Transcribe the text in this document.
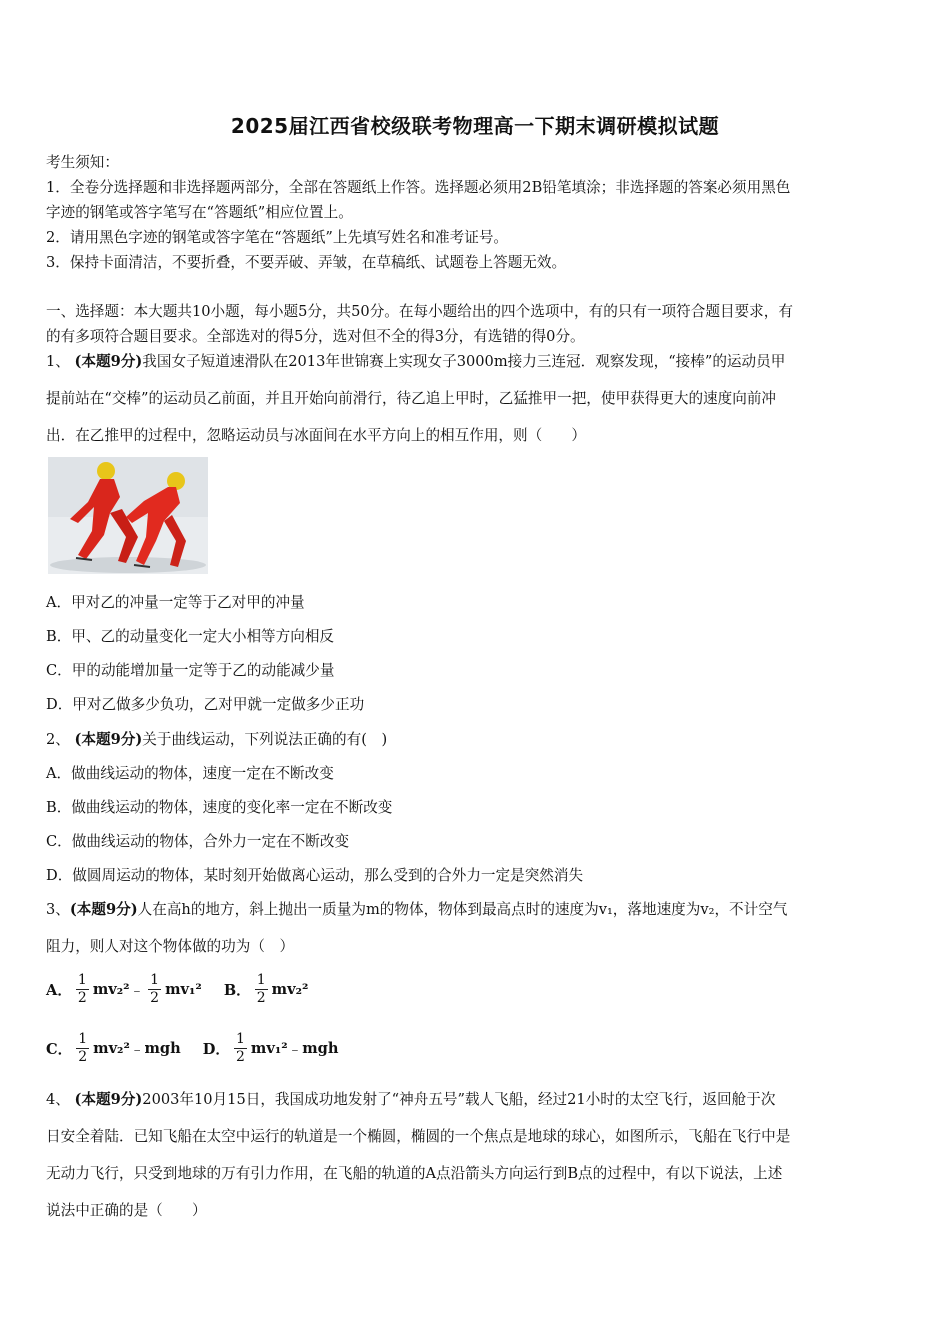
2025届江西省校级联考物理高一下期末调研模拟试题
考生须知：
1．全卷分选择题和非选择题两部分，全部在答题纸上作答。选择题必须用2B铅笔填涂；非选择题的答案必须用黑色
字迹的钢笔或答字笔写在“答题纸”相应位置上。
2．请用黑色字迹的钢笔或答字笔在“答题纸”上先填写姓名和准考证号。
3．保持卡面清洁，不要折叠，不要弄破、弄皱，在草稿纸、试题卷上答题无效。
一、选择题：本大题共10小题，每小题5分，共50分。在每小题给出的四个选项中，有的只有一项符合题目要求，有
的有多项符合题目要求。全部选对的得5分，选对但不全的得3分，有选错的得0分。
1、 (本题9分)我国女子短道速滑队在2013年世锦赛上实现女子3000m接力三连冠．观察发现，“接棒”的运动员甲
提前站在“交棒”的运动员乙前面，并且开始向前滑行，待乙追上甲时，乙猛推甲一把，使甲获得更大的速度向前冲
出．在乙推甲的过程中，忽略运动员与冰面间在水平方向上的相互作用，则（　　）
A．甲对乙的冲量一定等于乙对甲的冲量
B．甲、乙的动量变化一定大小相等方向相反
C．甲的动能增加量一定等于乙的动能减少量
D．甲对乙做多少负功，乙对甲就一定做多少正功
2、 (本题9分)关于曲线运动，下列说法正确的有(　)
A．做曲线运动的物体，速度一定在不断改变
B．做曲线运动的物体，速度的变化率一定在不断改变
C．做曲线运动的物体，合外力一定在不断改变
D．做圆周运动的物体，某时刻开始做离心运动，那么受到的合外力一定是突然消失
3、(本题9分)人在高h的地方，斜上抛出一质量为m的物体，物体到最高点时的速度为v₁，落地速度为v₂，不计空气
阻力，则人对这个物体做的功为（　）
A． $\frac{1}{2} mv_2^2$ ﹣ $\frac{1}{2} mv_1^2$ B． $\frac{1}{2} mv_2^2$
C． $\frac{1}{2} mv_2^2$ ﹣ mgh D． $\frac{1}{2} mv_1^2$ ﹣ mgh
4、 (本题9分)2003年10月15日，我国成功地发射了“神舟五号”载人飞船，经过21小时的太空飞行，返回舱于次
日安全着陆．已知飞船在太空中运行的轨道是一个椭圆，椭圆的一个焦点是地球的球心，如图所示，飞船在飞行中是
无动力飞行，只受到地球的万有引力作用，在飞船的轨道的A点沿箭头方向运行到B点的过程中，有以下说法，上述
说法中正确的是（　　）
